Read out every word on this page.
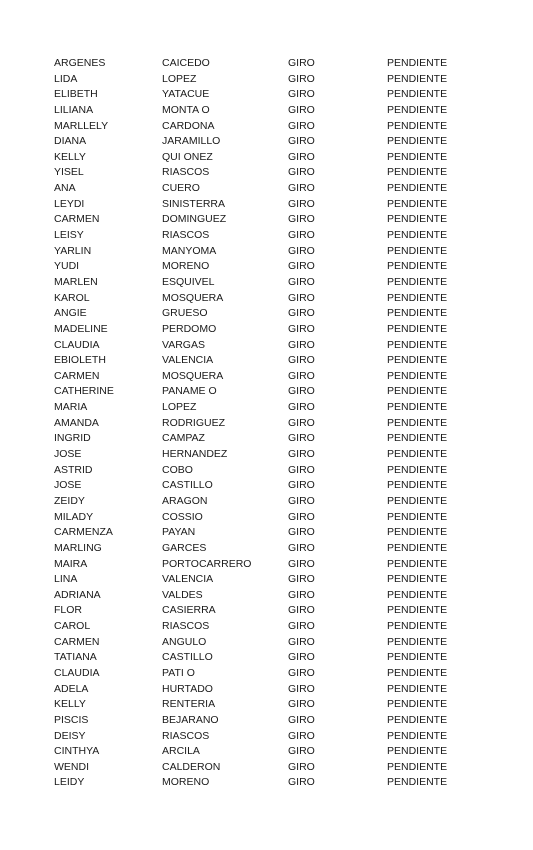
ARGENES	CAICEDO	GIRO	PENDIENTE
LIDA	LOPEZ	GIRO	PENDIENTE
ELIBETH	YATACUE	GIRO	PENDIENTE
LILIANA	MONTA O	GIRO	PENDIENTE
MARLLELY	CARDONA	GIRO	PENDIENTE
DIANA	JARAMILLO	GIRO	PENDIENTE
KELLY	QUI ONEZ	GIRO	PENDIENTE
YISEL	RIASCOS	GIRO	PENDIENTE
ANA	CUERO	GIRO	PENDIENTE
LEYDI	SINISTERRA	GIRO	PENDIENTE
CARMEN	DOMINGUEZ	GIRO	PENDIENTE
LEISY	RIASCOS	GIRO	PENDIENTE
YARLIN	MANYOMA	GIRO	PENDIENTE
YUDI	MORENO	GIRO	PENDIENTE
MARLEN	ESQUIVEL	GIRO	PENDIENTE
KAROL	MOSQUERA	GIRO	PENDIENTE
ANGIE	GRUESO	GIRO	PENDIENTE
MADELINE	PERDOMO	GIRO	PENDIENTE
CLAUDIA	VARGAS	GIRO	PENDIENTE
EBIOLETH	VALENCIA	GIRO	PENDIENTE
CARMEN	MOSQUERA	GIRO	PENDIENTE
CATHERINE	PANAME O	GIRO	PENDIENTE
MARIA	LOPEZ	GIRO	PENDIENTE
AMANDA	RODRIGUEZ	GIRO	PENDIENTE
INGRID	CAMPAZ	GIRO	PENDIENTE
JOSE	HERNANDEZ	GIRO	PENDIENTE
ASTRID	COBO	GIRO	PENDIENTE
JOSE	CASTILLO	GIRO	PENDIENTE
ZEIDY	ARAGON	GIRO	PENDIENTE
MILADY	COSSIO	GIRO	PENDIENTE
CARMENZA	PAYAN	GIRO	PENDIENTE
MARLING	GARCES	GIRO	PENDIENTE
MAIRA	PORTOCARRERO	GIRO	PENDIENTE
LINA	VALENCIA	GIRO	PENDIENTE
ADRIANA	VALDES	GIRO	PENDIENTE
FLOR	CASIERRA	GIRO	PENDIENTE
CAROL	RIASCOS	GIRO	PENDIENTE
CARMEN	ANGULO	GIRO	PENDIENTE
TATIANA	CASTILLO	GIRO	PENDIENTE
CLAUDIA	PATI O	GIRO	PENDIENTE
ADELA	HURTADO	GIRO	PENDIENTE
KELLY	RENTERIA	GIRO	PENDIENTE
PISCIS	BEJARANO	GIRO	PENDIENTE
DEISY	RIASCOS	GIRO	PENDIENTE
CINTHYA	ARCILA	GIRO	PENDIENTE
WENDI	CALDERON	GIRO	PENDIENTE
LEIDY	MORENO	GIRO	PENDIENTE
